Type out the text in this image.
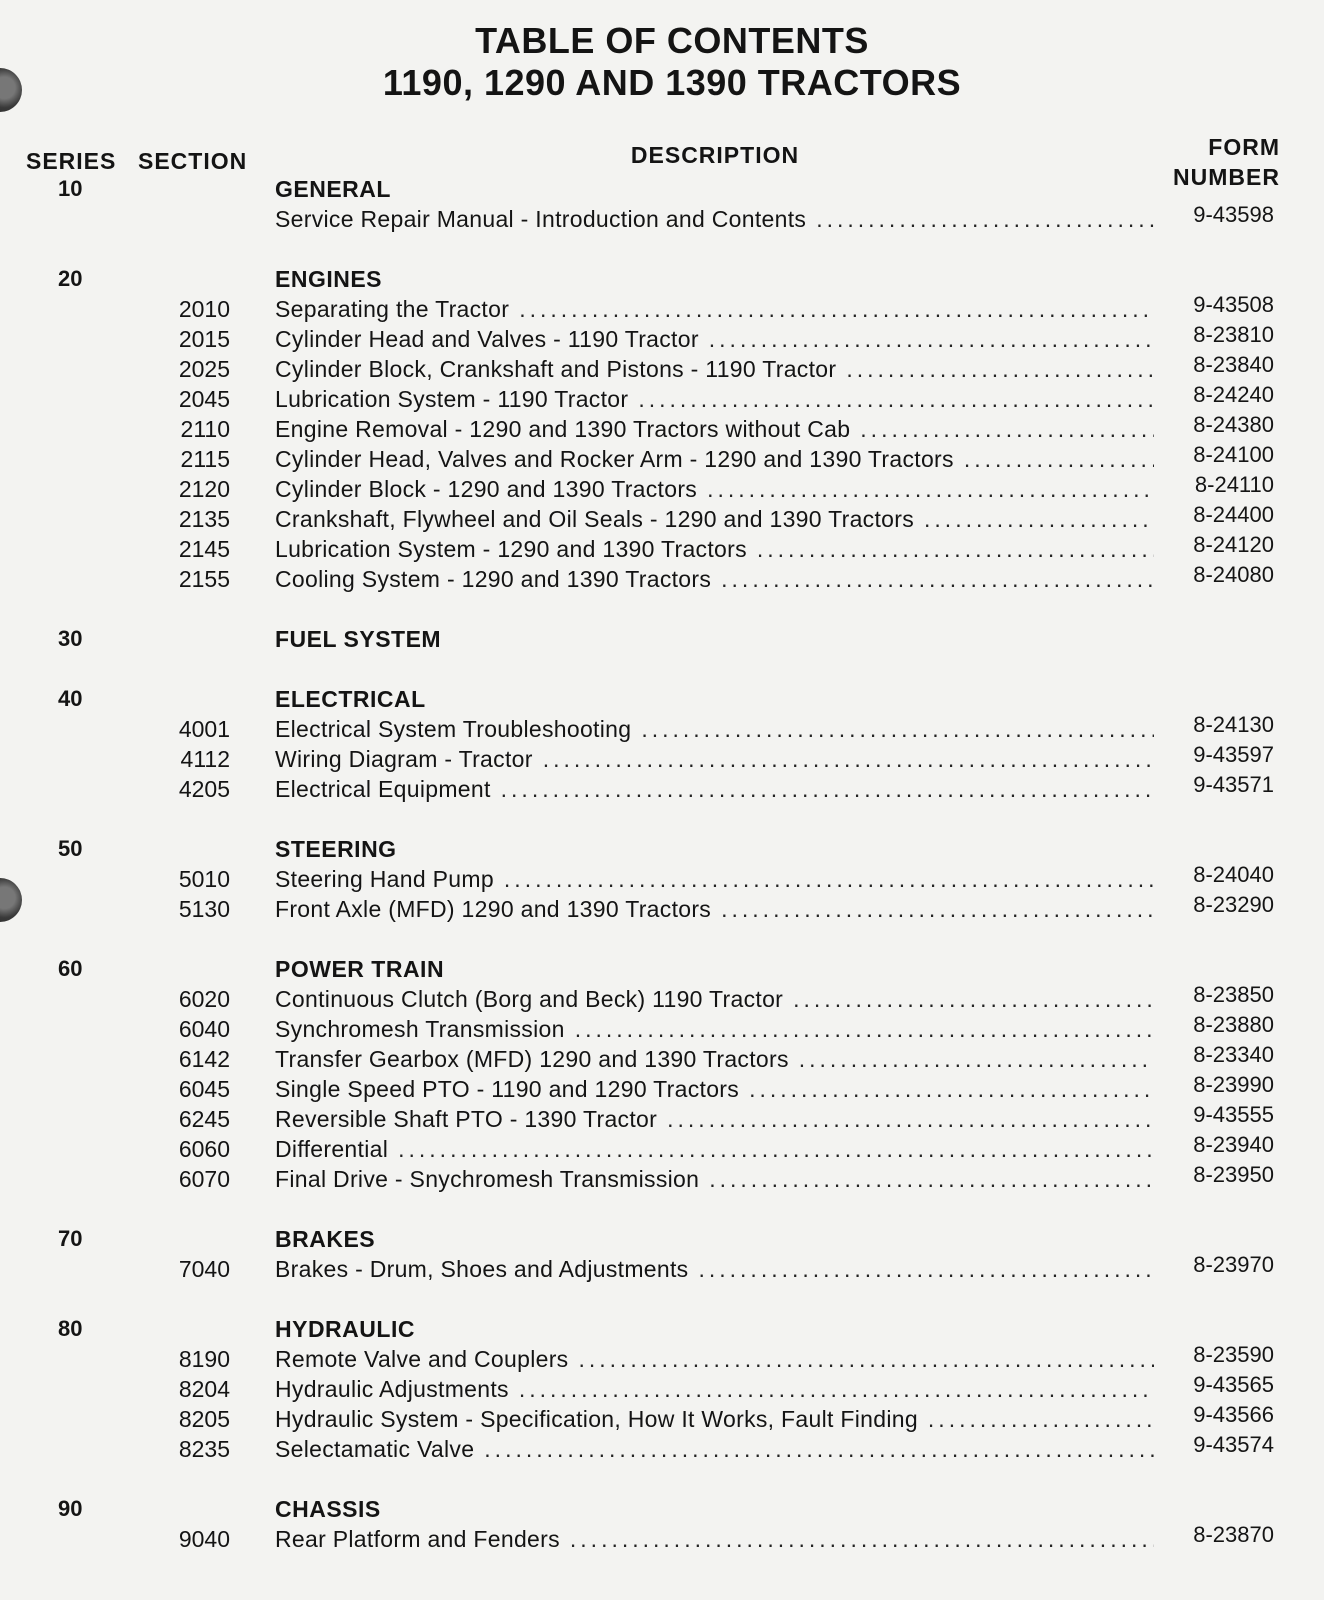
TABLE OF CONTENTS
1190, 1290 AND 1390 TRACTORS
SERIES SECTION	DESCRIPTION	FORM
NUMBER
10	GENERAL
Service Repair Manual - Introduction and Contents .....	9-43598
20	ENGINES
2010 Separating the Tractor .....	9-43508
2015 Cylinder Head and Valves - 1190 Tractor .....	8-23810
2025 Cylinder Block, Crankshaft and Pistons - 1190 Tractor .....	8-23840
2045 Lubrication System - 1190 Tractor .....	8-24240
2110 Engine Removal - 1290 and 1390 Tractors without Cab .....	8-24380
2115 Cylinder Head, Valves and Rocker Arm - 1290 and 1390 Tractors .....	8-24100
2120 Cylinder Block - 1290 and 1390 Tractors .....	8-24110
2135 Crankshaft, Flywheel and Oil Seals - 1290 and 1390 Tractors .....	8-24400
2145 Lubrication System - 1290 and 1390 Tractors .....	8-24120
2155 Cooling System - 1290 and 1390 Tractors .....	8-24080
30	FUEL SYSTEM
40	ELECTRICAL
4001 Electrical System Troubleshooting .....	8-24130
4112 Wiring Diagram - Tractor .....	9-43597
4205 Electrical Equipment .....	9-43571
50	STEERING
5010 Steering Hand Pump .....	8-24040
5130 Front Axle (MFD) 1290 and 1390 Tractors .....	8-23290
60	POWER TRAIN
6020 Continuous Clutch (Borg and Beck) 1190 Tractor .....	8-23850
6040 Synchromesh Transmission .....	8-23880
6142 Transfer Gearbox (MFD) 1290 and 1390 Tractors .....	8-23340
6045 Single Speed PTO - 1190 and 1290 Tractors .....	8-23990
6245 Reversible Shaft PTO - 1390 Tractor .....	9-43555
6060 Differential .....	8-23940
6070 Final Drive - Snychromesh Transmission .....	8-23950
70	BRAKES
7040 Brakes - Drum, Shoes and Adjustments .....	8-23970
80	HYDRAULIC
8190 Remote Valve and Couplers .....	8-23590
8204 Hydraulic Adjustments .....	9-43565
8205 Hydraulic System - Specification, How It Works, Fault Finding .....	9-43566
8235 Selectamatic Valve .....	9-43574
90	CHASSIS
9040 Rear Platform and Fenders .....	8-23870
